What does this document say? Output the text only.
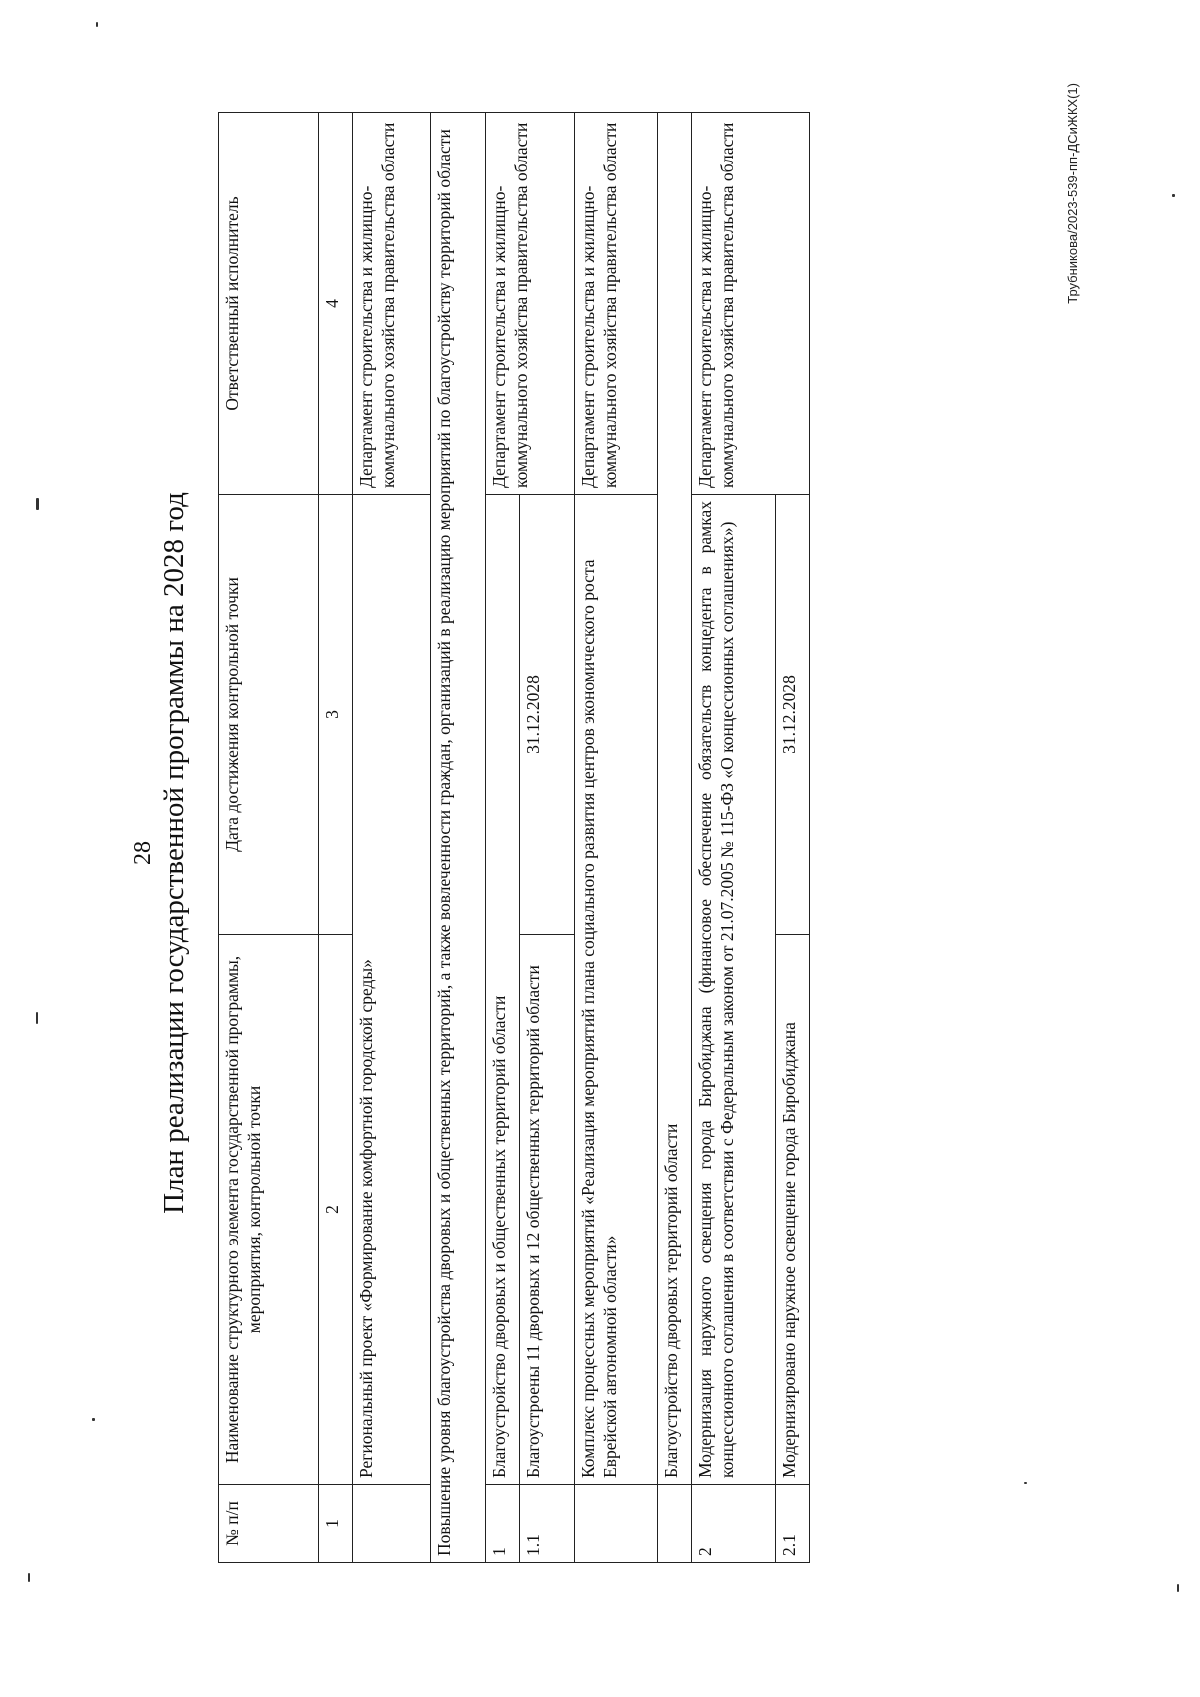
28 План реализации государственной программы на 2028 год
№ п/п	Наименование структурного элемента государственной программы, мероприятия, контрольной точки	Дата достижения контрольной точки	Ответственный исполнитель
1	2	3	4
	Региональный проект «Формирование комфортной городской среды»		Департамент строительства и жилищно-коммунального хозяйства правительства области
Повышение уровня благоустройства дворовых и общественных территорий, а также вовлеченности граждан, организаций в реализацию мероприятий по благоустройству территорий области			
1	Благоустройство дворовых и общественных территорий области		Департамент строительства и жилищно-коммунального хозяйства правительства области
1.1	Благоустроены 11 дворовых и 12 общественных территорий области	31.12.2028	
	Комплекс процессных мероприятий «Реализация мероприятий плана социального развития центров экономического роста Еврейской автономной области»		Департамент строительства и жилищно-коммунального хозяйства правительства области
	Благоустройство дворовых территорий области		
2	Модернизация наружного освещения города Биробиджана (финансовое обеспечение обязательств концедента в рамках концессионного соглашения в соответствии с Федеральным законом от 21.07.2005 № 115-ФЗ «О концессионных соглашениях»)		Департамент строительства и жилищно-коммунального хозяйства правительства области
2.1	Модернизировано наружное освещение города Биробиджана	31.12.2028	
Трубникова/2023-539-пп-ДСиЖКХ(1)
